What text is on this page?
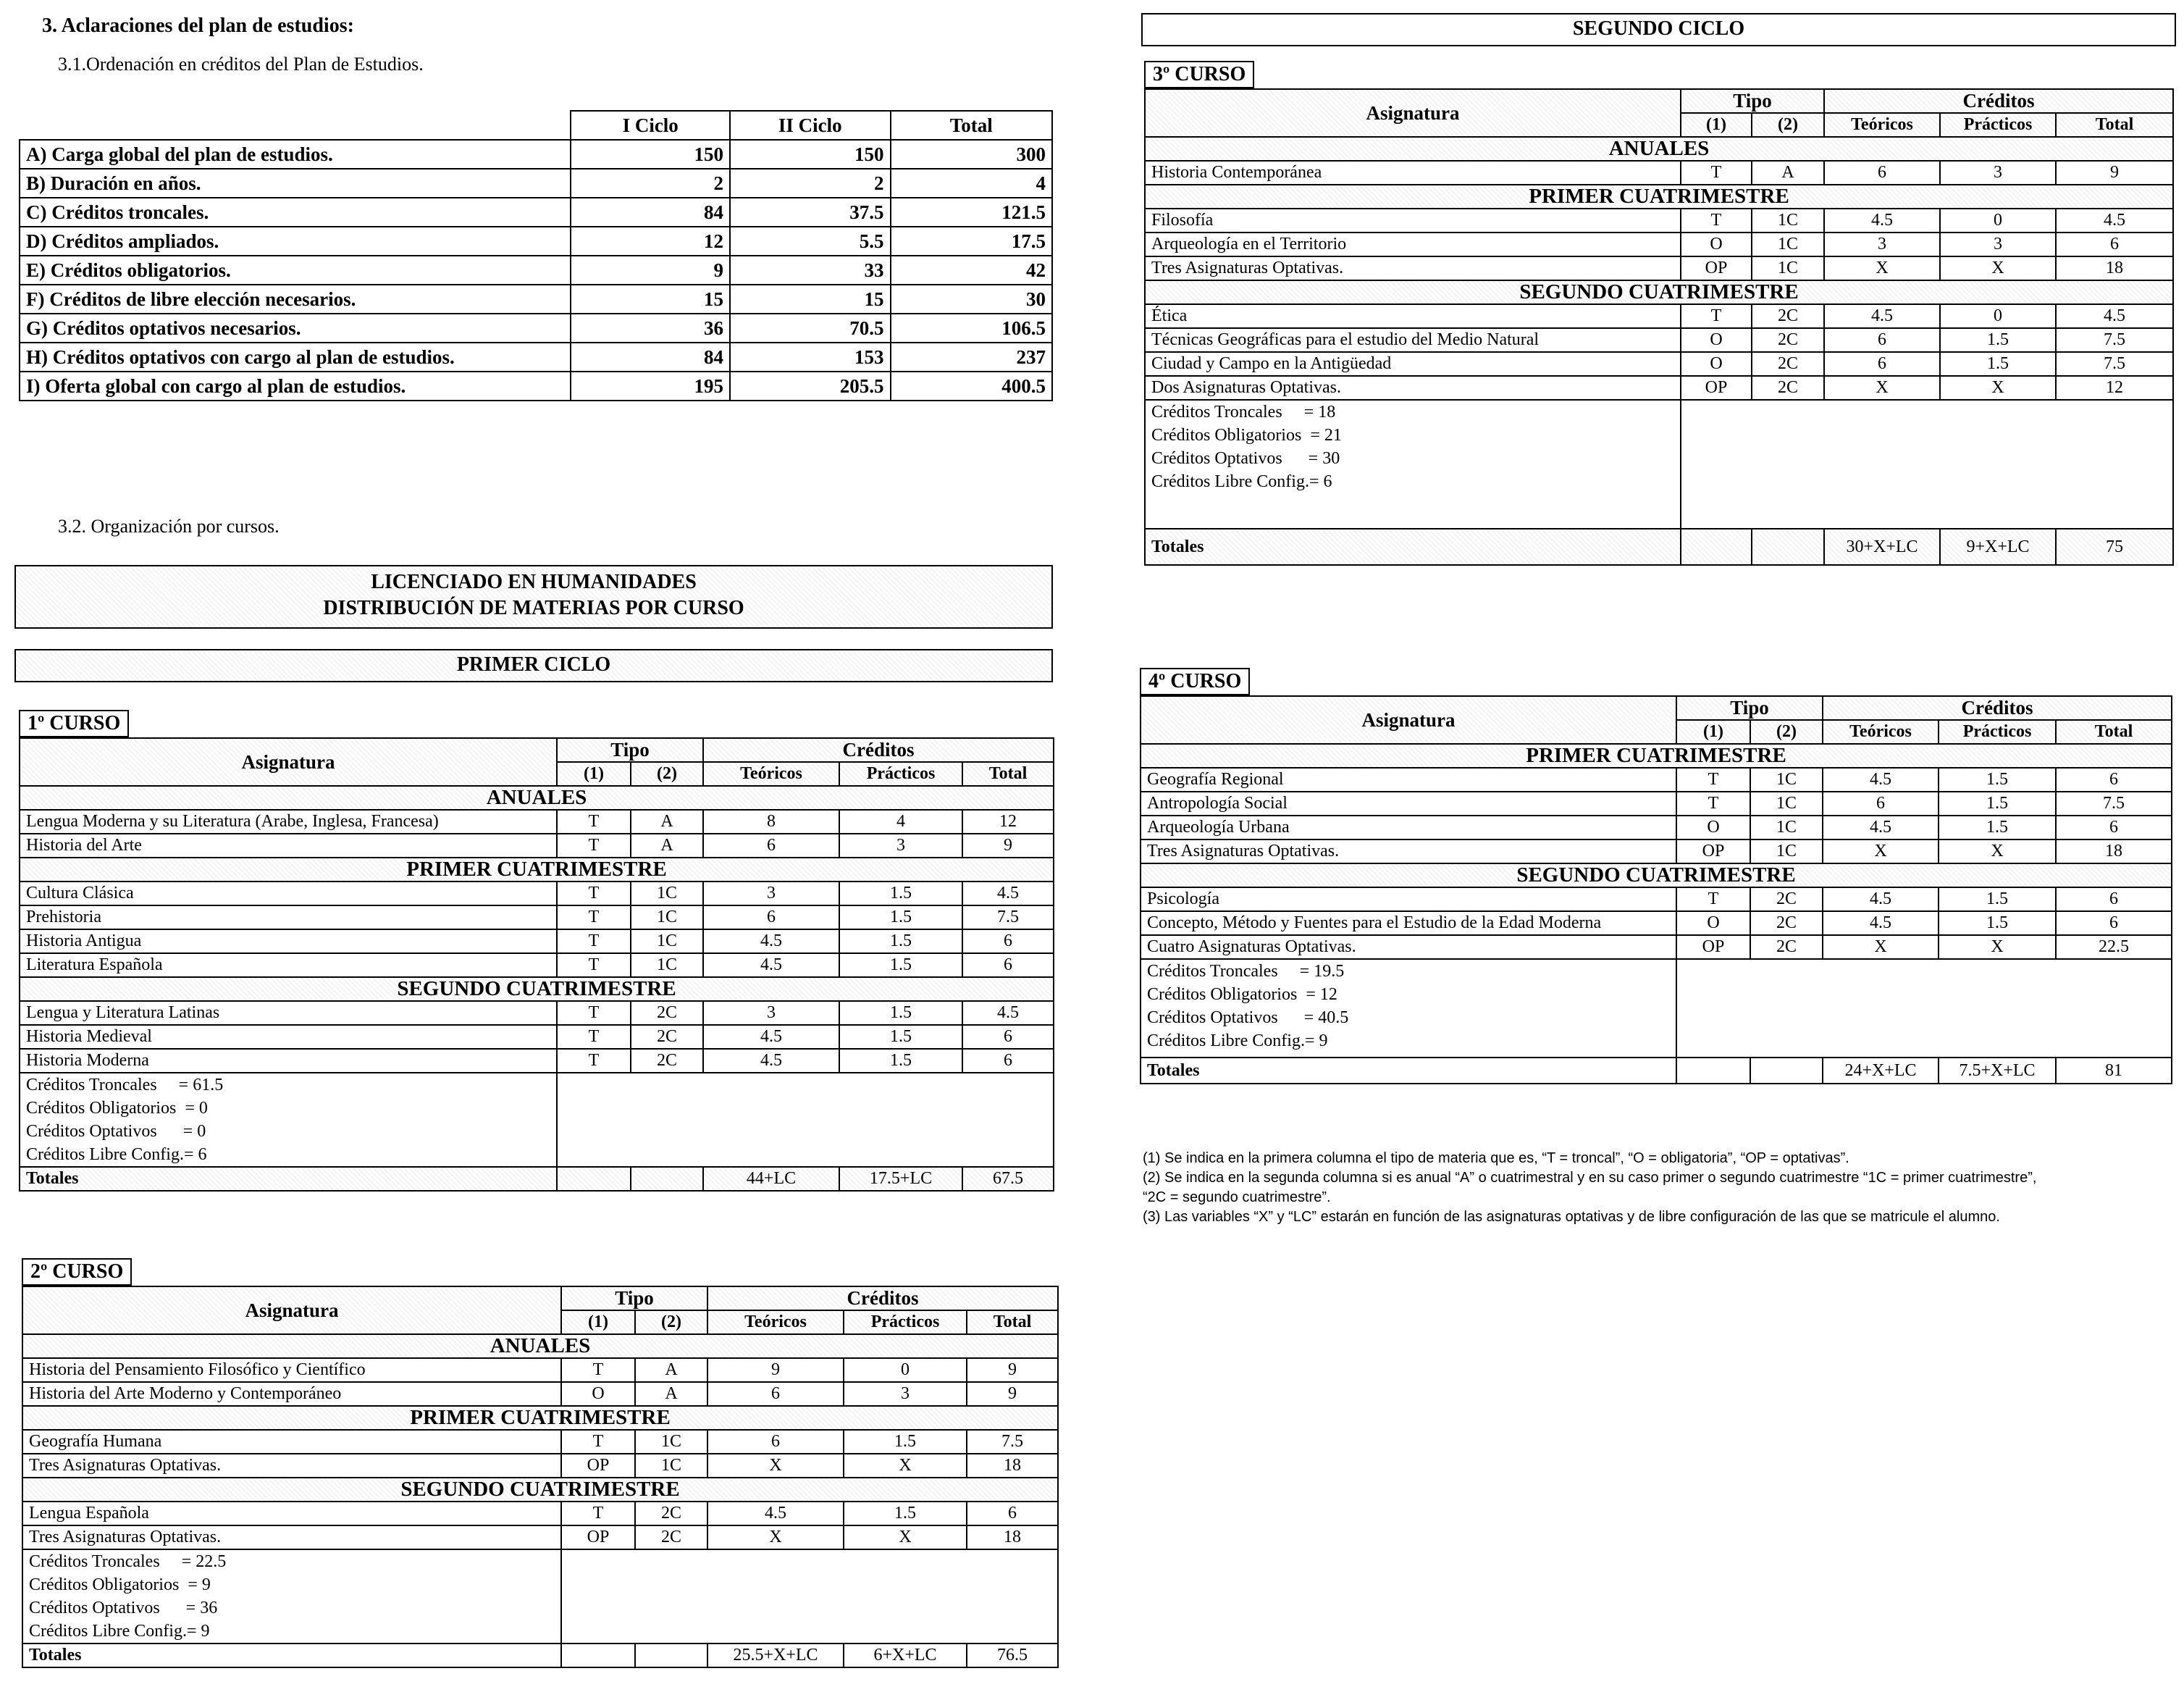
3. Aclaraciones del plan de estudios:
3.1.Ordenación en créditos del Plan de Estudios.
	I Ciclo	II Ciclo	Total
A) Carga global del plan de estudios.	150	150	300
B) Duración en años.	2	2	4
C) Créditos troncales.	84	37.5	121.5
D) Créditos ampliados.	12	5.5	17.5
E) Créditos obligatorios.	9	33	42
F) Créditos de libre elección necesarios.	15	15	30
G) Créditos optativos necesarios.	36	70.5	106.5
H) Créditos optativos con cargo al plan de estudios.	84	153	237
I) Oferta global con cargo al plan de estudios.	195	205.5	400.5
3.2. Organización por cursos.
LICENCIADO EN HUMANIDADES
DISTRIBUCIÓN DE MATERIAS POR CURSO
PRIMER CICLO
1º CURSO
Asignatura	Tipo		Créditos		
	(1)	(2)	Teóricos	Prácticos	Total
ANUALES					
Lengua Moderna y su Literatura (Arabe, Inglesa, Francesa)	T	A	8	4	12
Historia del Arte	T	A	6	3	9
PRIMER CUATRIMESTRE					
Cultura Clásica	T	1C	3	1.5	4.5
Prehistoria	T	1C	6	1.5	7.5
Historia Antigua	T	1C	4.5	1.5	6
Literatura Española	T	1C	4.5	1.5	6
SEGUNDO CUATRIMESTRE					
Lengua y Literatura Latinas	T	2C	3	1.5	4.5
Historia Medieval	T	2C	4.5	1.5	6
Historia Moderna	T	2C	4.5	1.5	6

Créditos Troncales     = 61.5
Créditos Obligatorios  = 0
Créditos Optativos      = 0
Créditos Libre Config.= 6					

Totales			44+LC	17.5+LC	67.5
2º CURSO
Asignatura	Tipo		Créditos		
	(1)	(2)	Teóricos	Prácticos	Total
ANUALES					
Historia del Pensamiento Filosófico y Científico	T	A	9	0	9
Historia del Arte Moderno y Contemporáneo	O	A	6	3	9
PRIMER CUATRIMESTRE					
Geografía Humana	T	1C	6	1.5	7.5
Tres Asignaturas Optativas.	OP	1C	X	X	18
SEGUNDO CUATRIMESTRE					
Lengua Española	T	2C	4.5	1.5	6
Tres Asignaturas Optativas.	OP	2C	X	X	18

Créditos Troncales     = 22.5
Créditos Obligatorios  = 9
Créditos Optativos      = 36
Créditos Libre Config.= 9					

Totales			25.5+X+LC	6+X+LC	76.5
SEGUNDO CICLO
3º CURSO
Asignatura	Tipo		Créditos		
	(1)	(2)	Teóricos	Prácticos	Total
ANUALES					
Historia Contemporánea	T	A	6	3	9
PRIMER CUATRIMESTRE					
Filosofía	T	1C	4.5	0	4.5
Arqueología en el Territorio	O	1C	3	3	6
Tres Asignaturas Optativas.	OP	1C	X	X	18
SEGUNDO CUATRIMESTRE					
Ética	T	2C	4.5	0	4.5
Técnicas Geográficas para el estudio del Medio Natural	O	2C	6	1.5	7.5
Ciudad y Campo en la Antigüedad	O	2C	6	1.5	7.5
Dos Asignaturas Optativas.	OP	2C	X	X	12

Créditos Troncales     = 18
Créditos Obligatorios  = 21
Créditos Optativos      = 30
Créditos Libre Config.= 6					

Totales			30+X+LC	9+X+LC	75
4º CURSO
Asignatura	Tipo		Créditos		
	(1)	(2)	Teóricos	Prácticos	Total
PRIMER CUATRIMESTRE					
Geografía Regional	T	1C	4.5	1.5	6
Antropología Social	T	1C	6	1.5	7.5
Arqueología Urbana	O	1C	4.5	1.5	6
Tres Asignaturas Optativas.	OP	1C	X	X	18
SEGUNDO CUATRIMESTRE					
Psicología	T	2C	4.5	1.5	6
Concepto, Método y Fuentes para el Estudio de la Edad Moderna	O	2C	4.5	1.5	6
Cuatro Asignaturas Optativas.	OP	2C	X	X	22.5

Créditos Troncales     = 19.5
Créditos Obligatorios  = 12
Créditos Optativos      = 40.5
Créditos Libre Config.= 9					

Totales			24+X+LC	7.5+X+LC	81
(1) Se indica en la primera columna el tipo de materia que es, “T = troncal”, “O = obligatoria”, “OP = optativas”.
(2) Se indica en la segunda columna si es anual “A” o cuatrimestral y en su caso primer o segundo cuatrimestre “1C = primer cuatrimestre”,
“2C = segundo cuatrimestre”.
(3) Las variables “X” y “LC” estarán en función de las asignaturas optativas y de libre configuración de las que se matricule el alumno.
